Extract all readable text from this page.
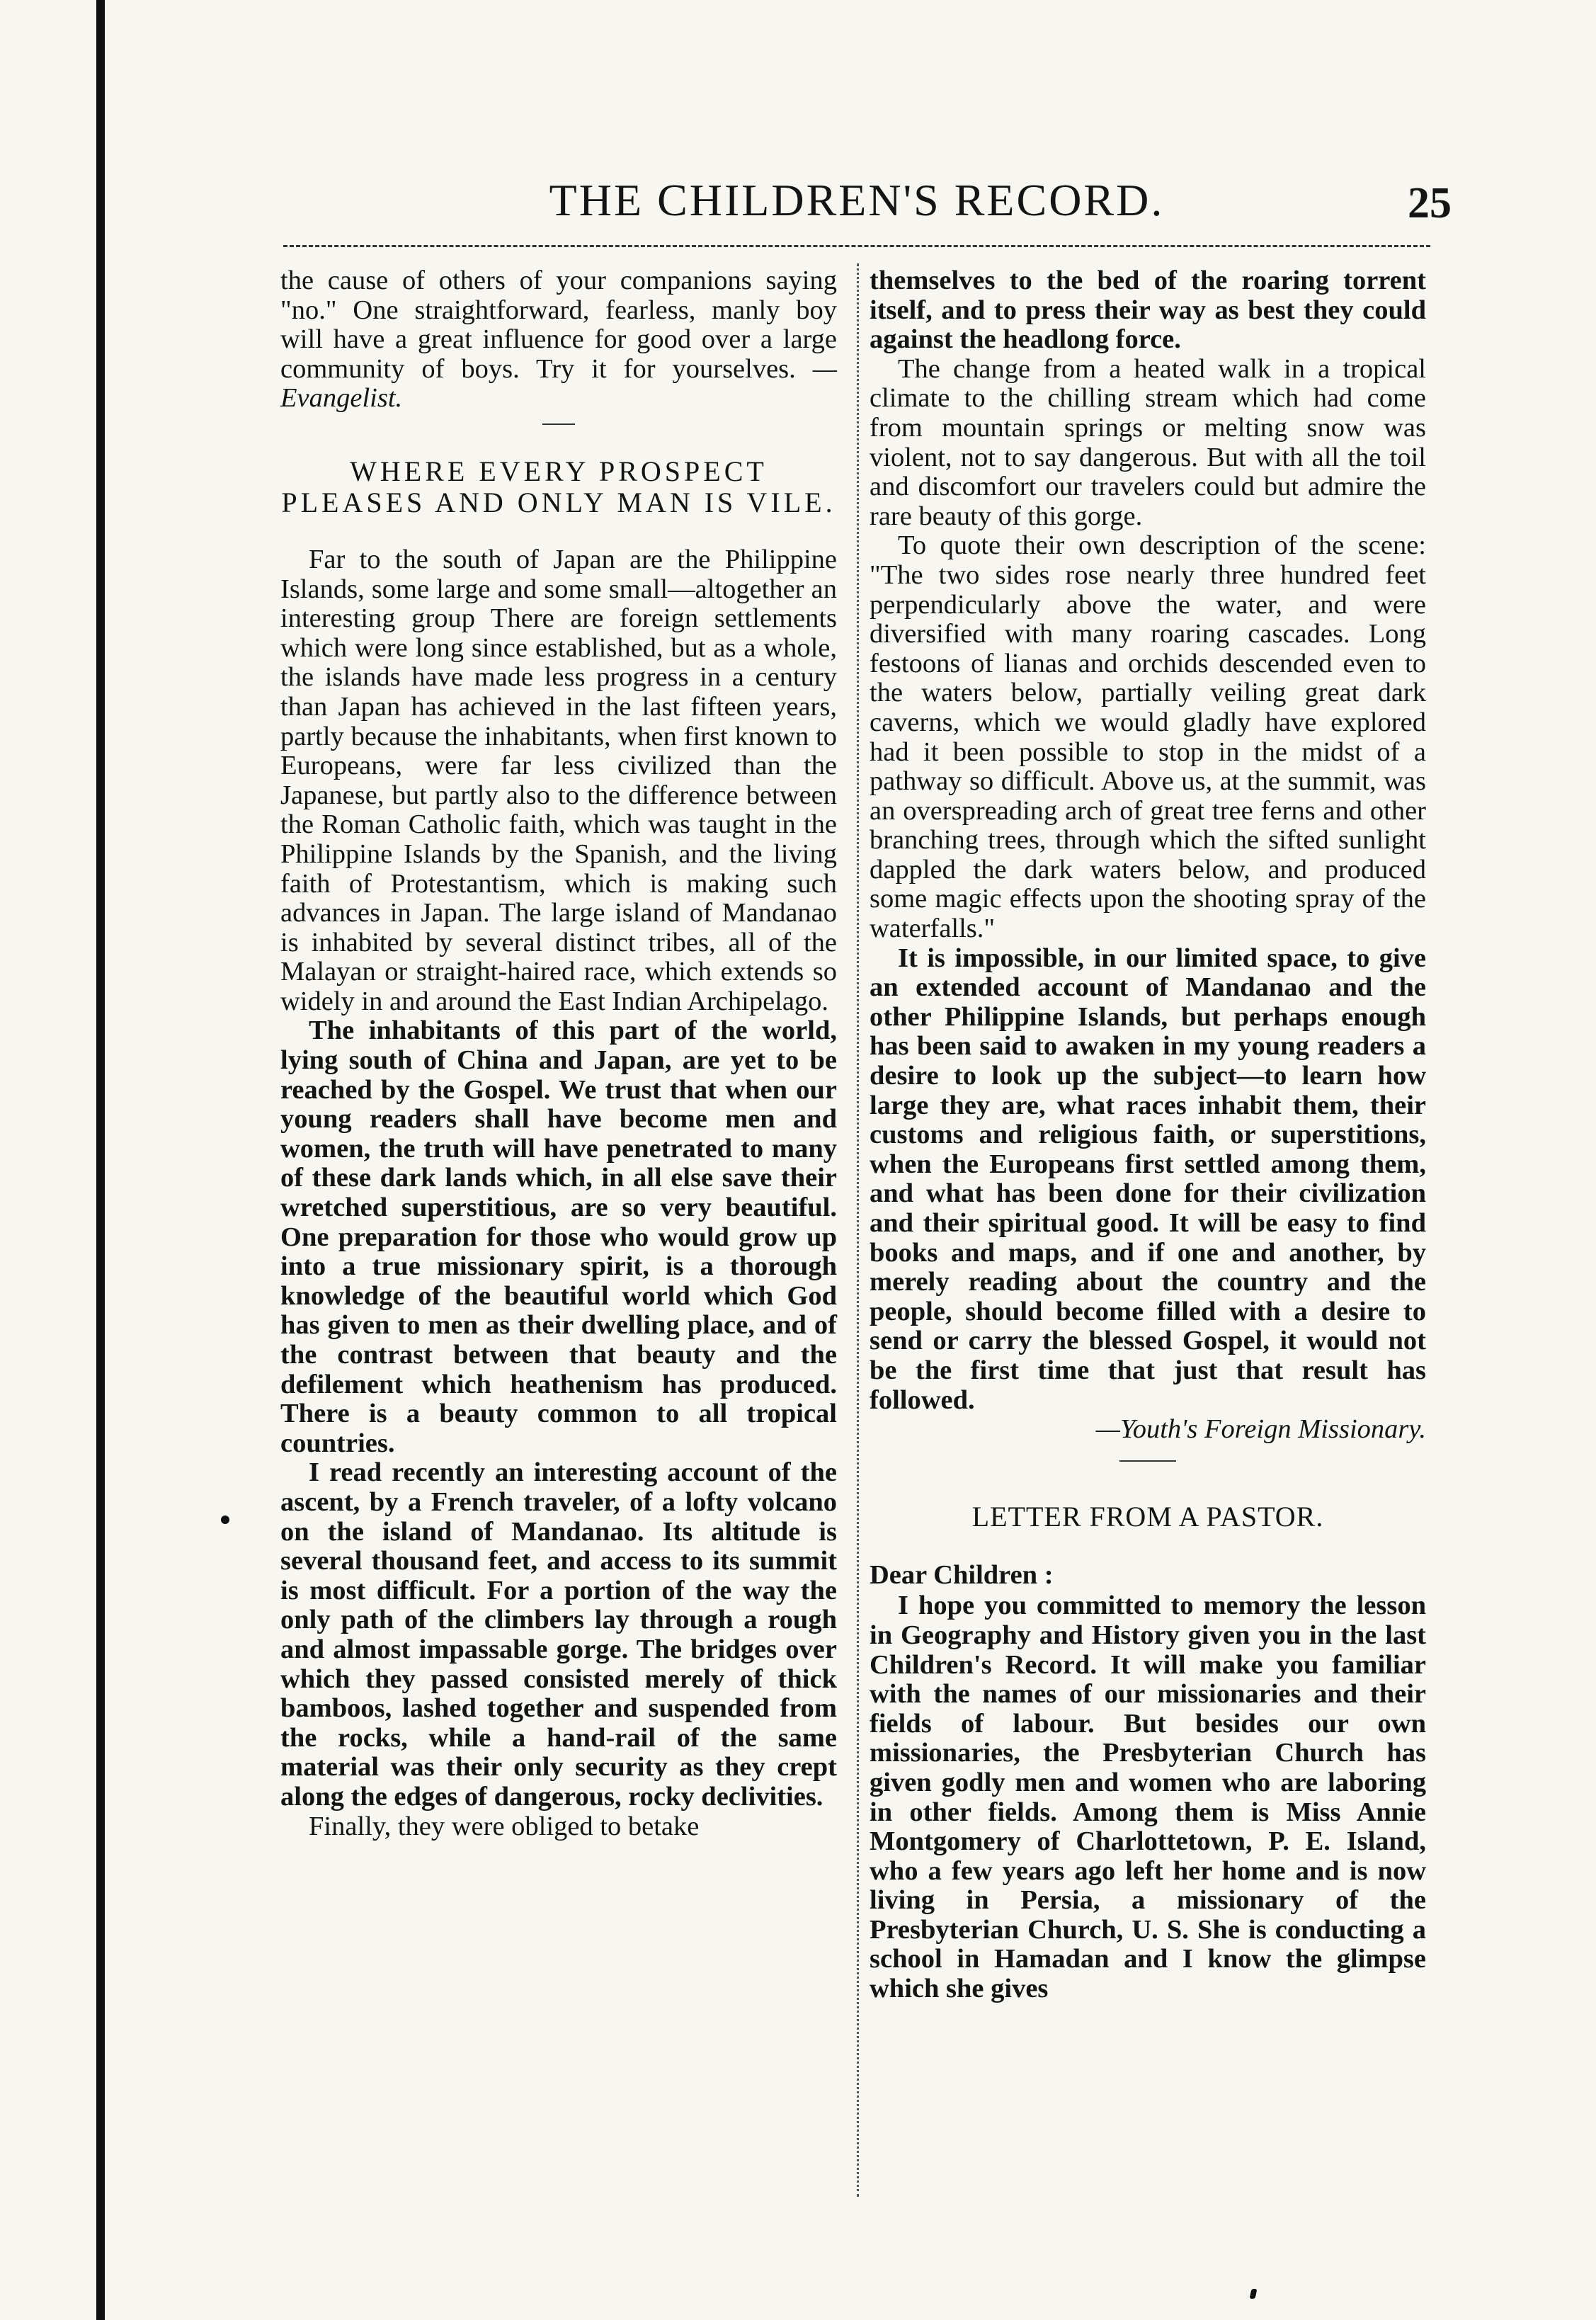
THE CHILDREN'S RECORD.	25

the cause of others of your companions saying "no." One straightforward, fearless, manly boy will have a great influence for good over a large community of boys. Try it for yourselves. —Evangelist.

WHERE EVERY PROSPECT PLEASES AND ONLY MAN IS VILE.

Far to the south of Japan are the Philippine Islands, some large and some small—altogether an interesting group There are foreign settlements which were long since established, but as a whole, the islands have made less progress in a century than Japan has achieved in the last fifteen years, partly because the inhabitants, when first known to Europeans, were far less civilized than the Japanese, but partly also to the difference between the Roman Catholic faith, which was taught in the Philippine Islands by the Spanish, and the living faith of Protestantism, which is making such advances in Japan. The large island of Mandanao is inhabited by several distinct tribes, all of the Malayan or straight-haired race, which extends so widely in and around the East Indian Archipelago.

The inhabitants of this part of the world, lying south of China and Japan, are yet to be reached by the Gospel. We trust that when our young readers shall have become men and women, the truth will have penetrated to many of these dark lands which, in all else save their wretched superstitious, are so very beautiful. One preparation for those who would grow up into a true missionary spirit, is a thorough knowledge of the beautiful world which God has given to men as their dwelling place, and of the contrast between that beauty and the defilement which heathenism has produced. There is a beauty common to all tropical countries.

I read recently an interesting account of the ascent, by a French traveler, of a lofty volcano on the island of Mandanao. Its altitude is several thousand feet, and access to its summit is most difficult. For a portion of the way the only path of the climbers lay through a rough and almost impassable gorge. The bridges over which they passed consisted merely of thick bamboos, lashed together and suspended from the rocks, while a hand-rail of the same material was their only security as they crept along the edges of dangerous, rocky declivities.

Finally, they were obliged to betake

themselves to the bed of the roaring torrent itself, and to press their way as best they could against the headlong force.

The change from a heated walk in a tropical climate to the chilling stream which had come from mountain springs or melting snow was violent, not to say dangerous. But with all the toil and discomfort our travelers could but admire the rare beauty of this gorge.

To quote their own description of the scene: "The two sides rose nearly three hundred feet perpendicularly above the water, and were diversified with many roaring cascades. Long festoons of lianas and orchids descended even to the waters below, partially veiling great dark caverns, which we would gladly have explored had it been possible to stop in the midst of a pathway so difficult. Above us, at the summit, was an overspreading arch of great tree ferns and other branching trees, through which the sifted sunlight dappled the dark waters below, and produced some magic effects upon the shooting spray of the waterfalls."

It is impossible, in our limited space, to give an extended account of Mandanao and the other Philippine Islands, but perhaps enough has been said to awaken in my young readers a desire to look up the subject—to learn how large they are, what races inhabit them, their customs and religious faith, or superstitions, when the Europeans first settled among them, and what has been done for their civilization and their spiritual good. It will be easy to find books and maps, and if one and another, by merely reading about the country and the people, should become filled with a desire to send or carry the blessed Gospel, it would not be the first time that just that result has followed.

—Youth's Foreign Missionary.

LETTER FROM A PASTOR.

Dear Children :

I hope you committed to memory the lesson in Geography and History given you in the last Children's Record. It will make you familiar with the names of our missionaries and their fields of labour. But besides our own missionaries, the Presbyterian Church has given godly men and women who are laboring in other fields. Among them is Miss Annie Montgomery of Charlottetown, P. E. Island, who a few years ago left her home and is now living in Persia, a missionary of the Presbyterian Church, U. S. She is conducting a school in Hamadan and I know the glimpse which she gives
